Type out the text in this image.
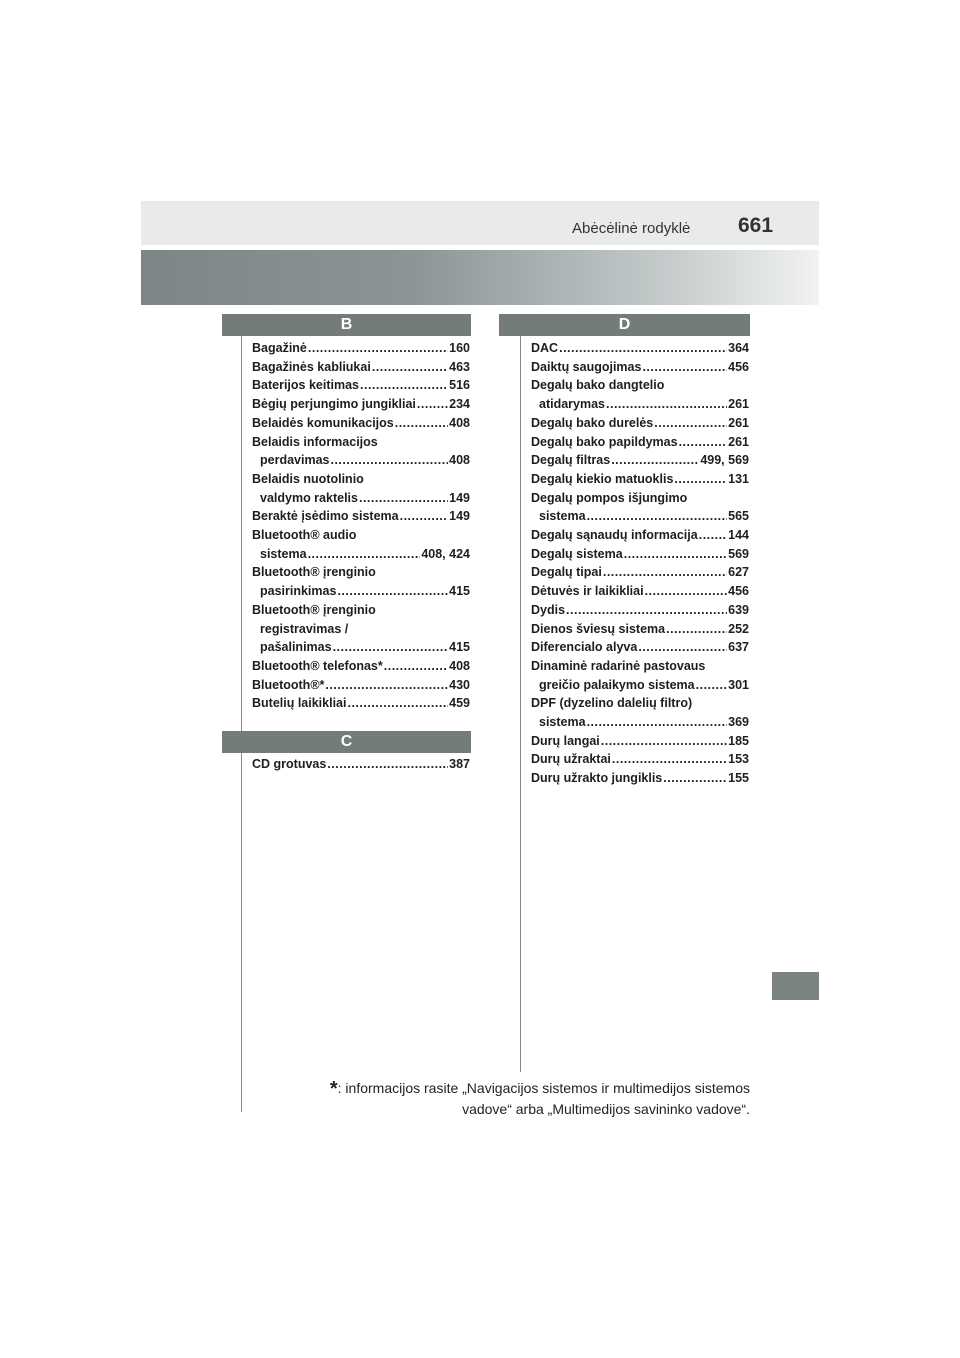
Abėcėlinė rodyklė 661
B
Bagažinė .....	160
Bagažinės kabliukai .....	463
Baterijos keitimas .....	516
Bėgių perjungimo jungikliai .....	234
Belaidės komunikacijos .....	408
Belaidis informacijos
perdavimas .....	408
Belaidis nuotolinio
valdymo raktelis .....	149
Beraktė įsėdimo sistema .....	149
Bluetooth® audio
sistema .....	408, 424
Bluetooth® įrenginio
pasirinkimas .....	415
Bluetooth® įrenginio
registravimas /
pašalinimas .....	415
Bluetooth® telefonas* .....	408
Bluetooth®* .....	430
Butelių laikikliai .....	459
C
CD grotuvas .....	387
D
DAC .....	364
Daiktų saugojimas .....	456
Degalų bako dangtelio
atidarymas .....	261
Degalų bako durelės .....	261
Degalų bako papildymas .....	261
Degalų filtras .....	499, 569
Degalų kiekio matuoklis .....	131
Degalų pompos išjungimo
sistema .....	565
Degalų sąnaudų informacija ..... 144
Degalų sistema .....	569
Degalų tipai .....	627
Dėtuvės ir laikikliai .....	456
Dydis .....	639
Dienos šviesų sistema .....	252
Diferencialo alyva .....	637
Dinaminė radarinė pastovaus
greičio palaikymo sistema .....	301
DPF (dyzelino dalelių filtro)
sistema .....	369
Durų langai .....	185
Durų užraktai .....	153
Durų užrakto jungiklis .....	155
*: informacijos rasite „Navigacijos sistemos ir multimedijos sistemos
vadove“ arba „Multimedijos savininko vadove“.
